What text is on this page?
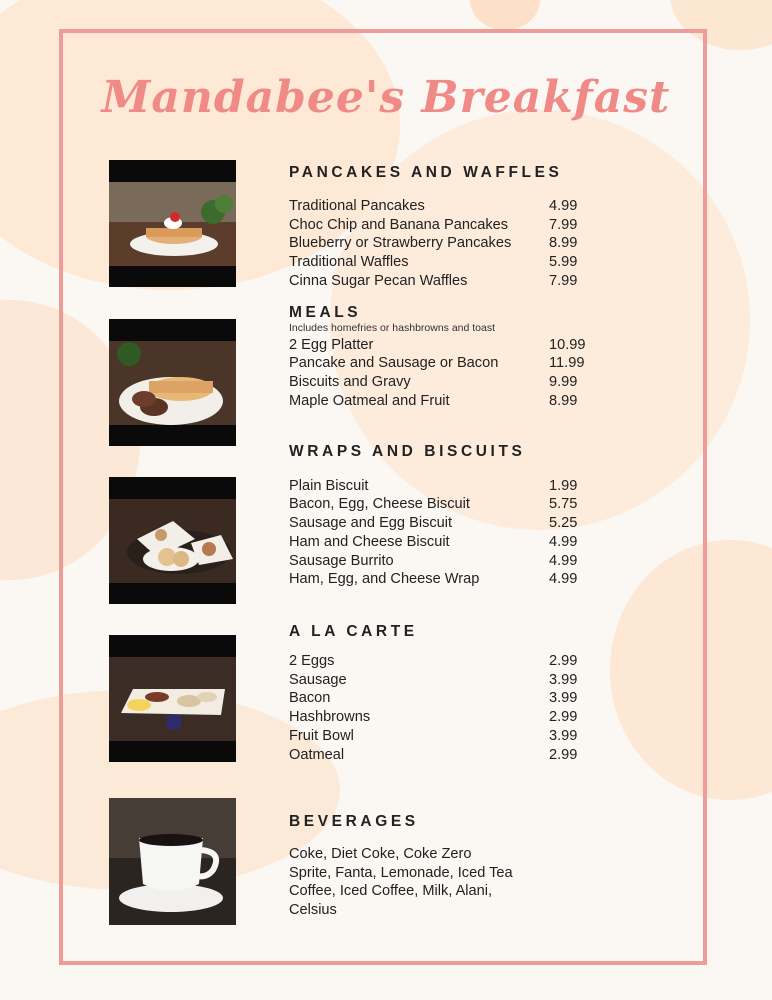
Mandabee's Breakfast
PANCAKES AND WAFFLES
Traditional Pancakes	4.99
Choc Chip and Banana Pancakes	7.99
Blueberry or Strawberry Pancakes	8.99
Traditional Waffles	5.99
Cinna Sugar Pecan Waffles	7.99
MEALS
Includes homefries or hashbrowns and toast
2 Egg Platter	10.99
Pancake and Sausage or Bacon	11.99
Biscuits and Gravy	9.99
Maple Oatmeal and Fruit	8.99
WRAPS AND BISCUITS
Plain Biscuit	1.99
Bacon, Egg, Cheese Biscuit	5.75
Sausage and Egg Biscuit	5.25
Ham and Cheese Biscuit	4.99
Sausage Burrito	4.99
Ham, Egg, and Cheese Wrap	4.99
A LA CARTE
2 Eggs	2.99
Sausage	3.99
Bacon	3.99
Hashbrowns	2.99
Fruit Bowl	3.99
Oatmeal	2.99
BEVERAGES
Coke, Diet Coke, Coke Zero
Sprite, Fanta, Lemonade, Iced Tea
Coffee, Iced Coffee, Milk, Alani,
Celsius
